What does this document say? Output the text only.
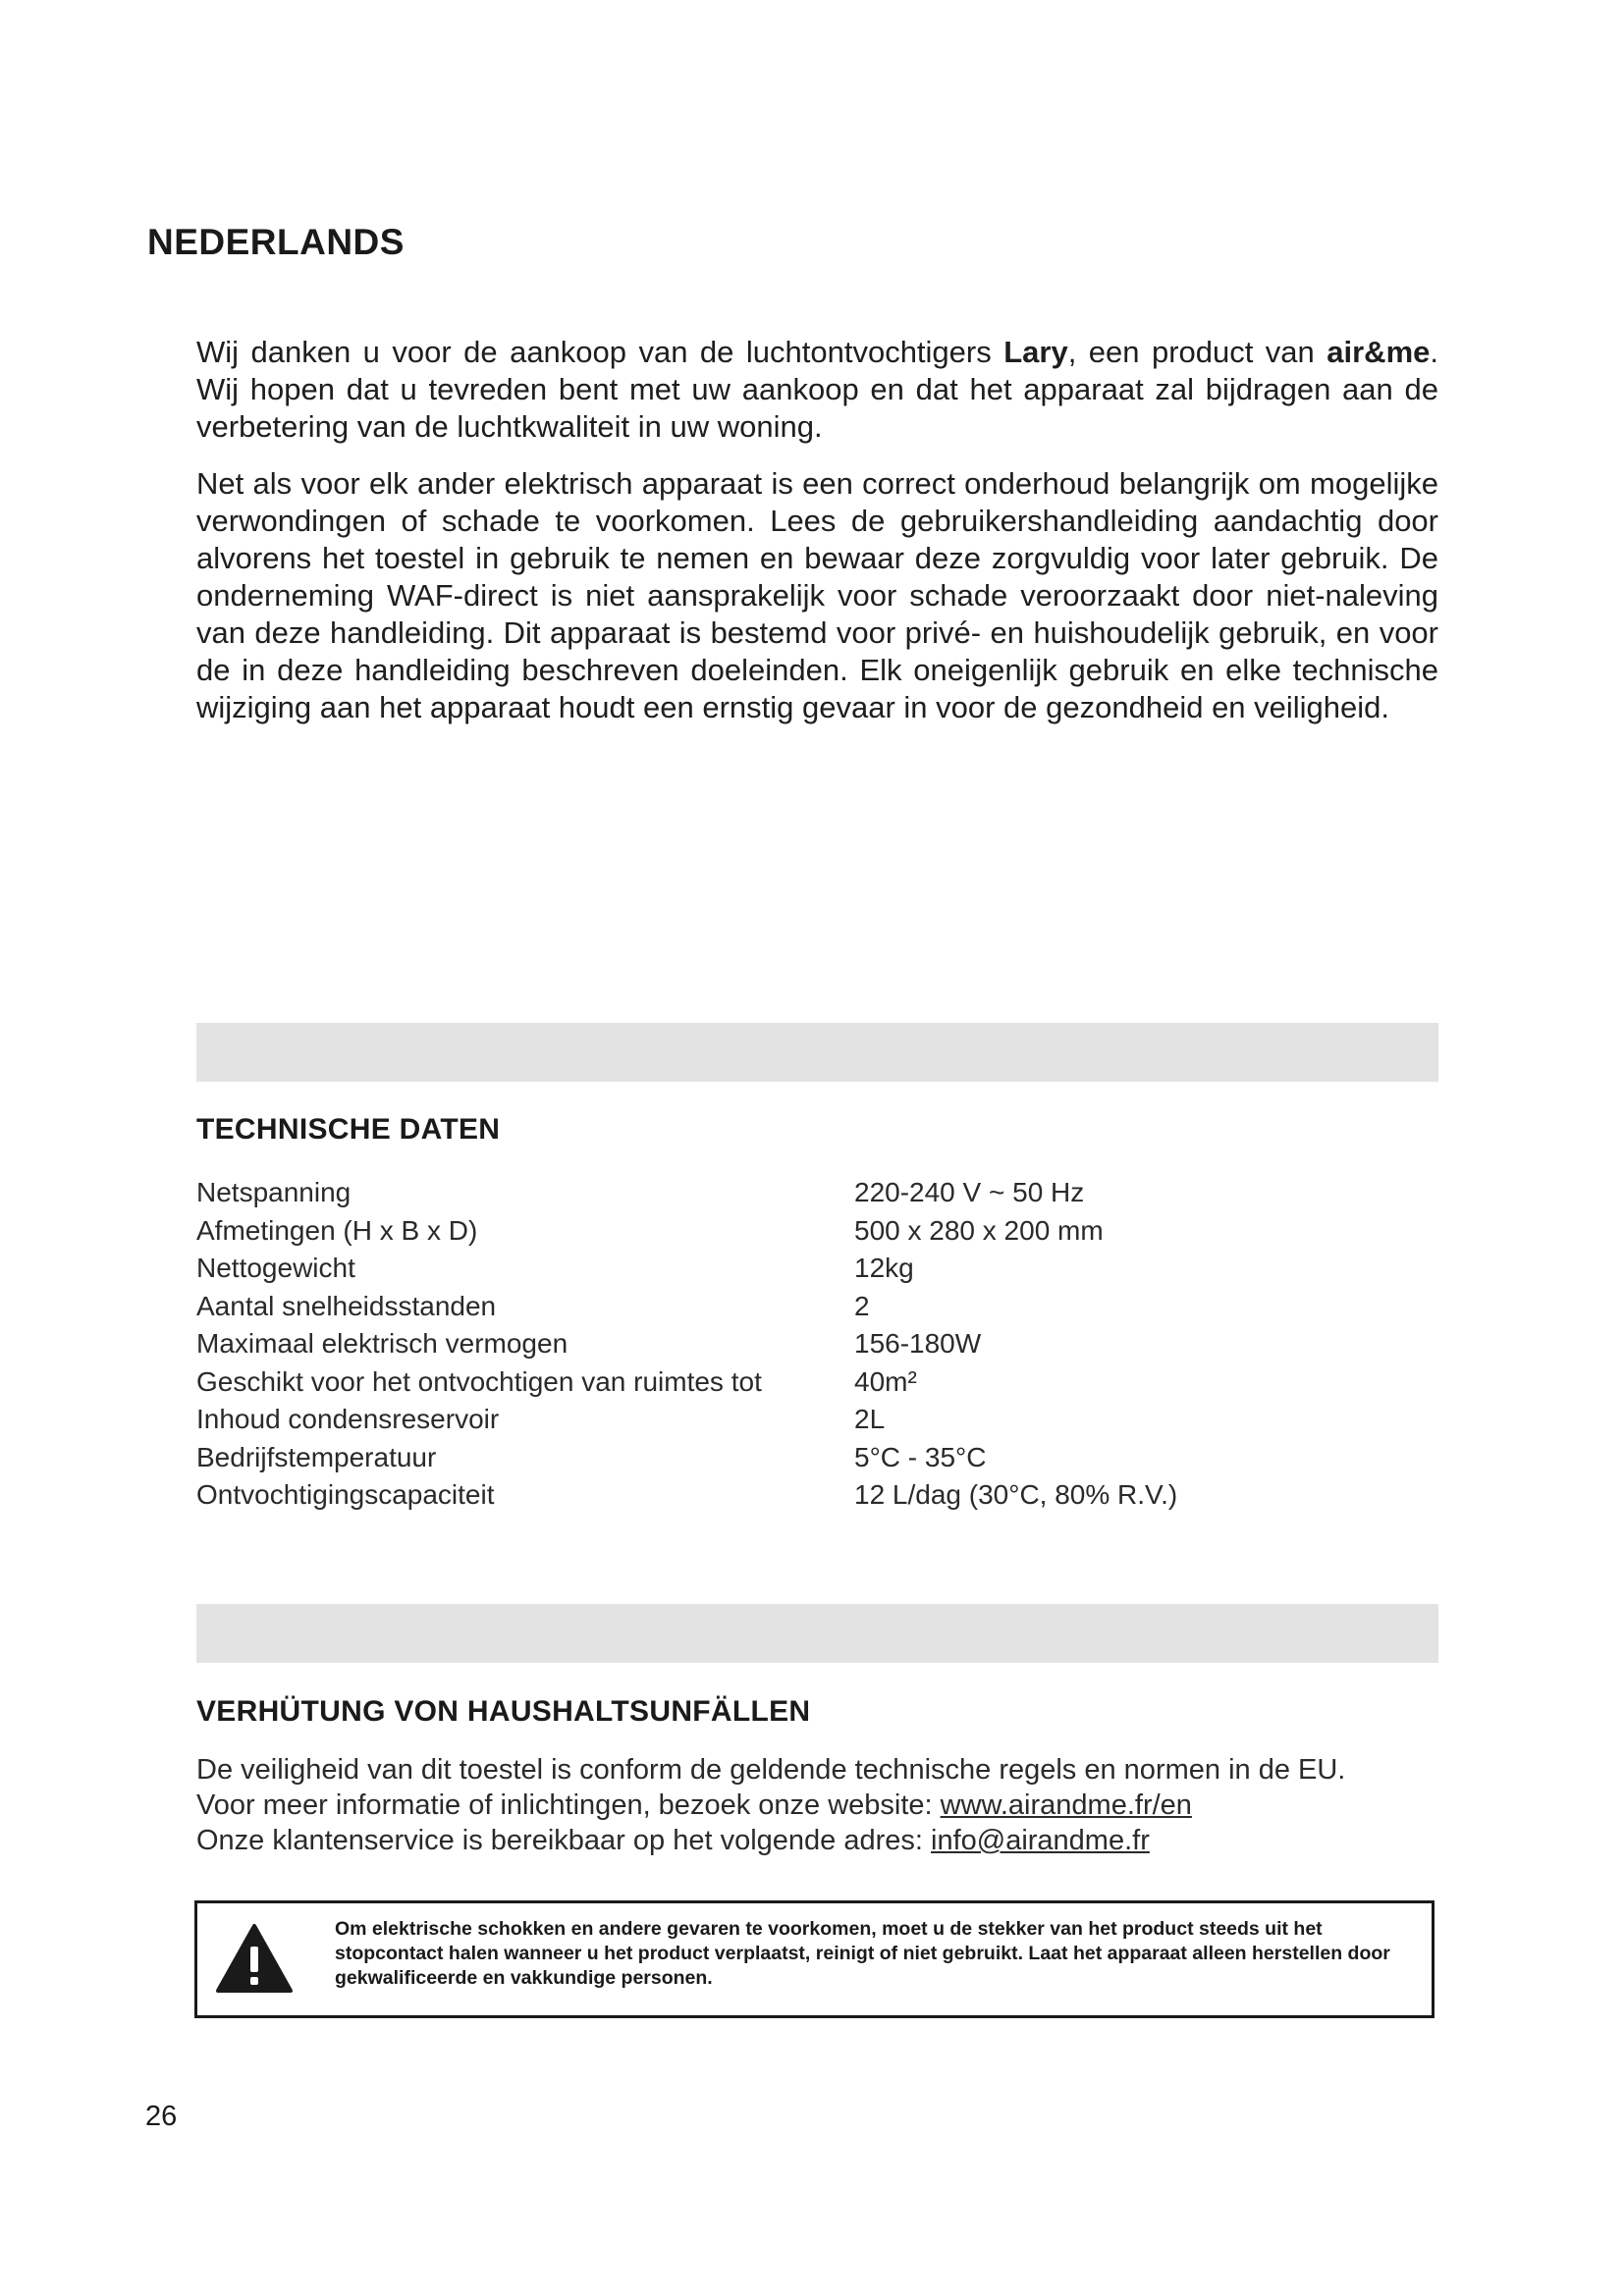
NEDERLANDS

Wij danken u voor de aankoop van de luchtontvochtigers Lary, een product van air&me. Wij hopen dat u tevreden bent met uw aankoop en dat het apparaat zal bijdragen aan de verbetering van de luchtkwaliteit in uw woning.

Net als voor elk ander elektrisch apparaat is een correct onderhoud belangrijk om mogelijke verwondingen of schade te voorkomen. Lees de gebruikershandleiding aandachtig door alvorens het toestel in gebruik te nemen en bewaar deze zorgvuldig voor later gebruik. De onderneming WAF-direct is niet aansprakelijk voor schade veroorzaakt door niet-naleving van deze handleiding. Dit apparaat is bestemd voor privé- en huishoudelijk gebruik, en voor de in deze handleiding beschreven doeleinden. Elk oneigenlijk gebruik en elke technische wijziging aan het apparaat houdt een ernstig gevaar in voor de gezondheid en veiligheid.

TECHNISCHE DATEN
Netspanning	220-240 V ~ 50 Hz
Afmetingen (H x B x D)	500 x 280 x 200 mm
Nettogewicht	12kg
Aantal snelheidsstanden	2
Maximaal elektrisch vermogen	156-180W
Geschikt voor het ontvochtigen van ruimtes tot	40m²
Inhoud condensreservoir	2L
Bedrijfstemperatuur	5°C - 35°C
Ontvochtigingscapaciteit	12 L/dag (30°C, 80% R.V.)
VERHÜTUNG VON HAUSHALTSUNFÄLLEN
De veiligheid van dit toestel is conform de geldende technische regels en normen in de EU.
Voor meer informatie of inlichtingen, bezoek onze website: www.airandme.fr/en
Onze klantenservice is bereikbaar op het volgende adres: info@airandme.fr
Om elektrische schokken en andere gevaren te voorkomen, moet u de stekker van het product steeds uit het stopcontact halen wanneer u het product verplaatst, reinigt of niet gebruikt. Laat het apparaat alleen herstellen door gekwalificeerde en vakkundige personen.
26
